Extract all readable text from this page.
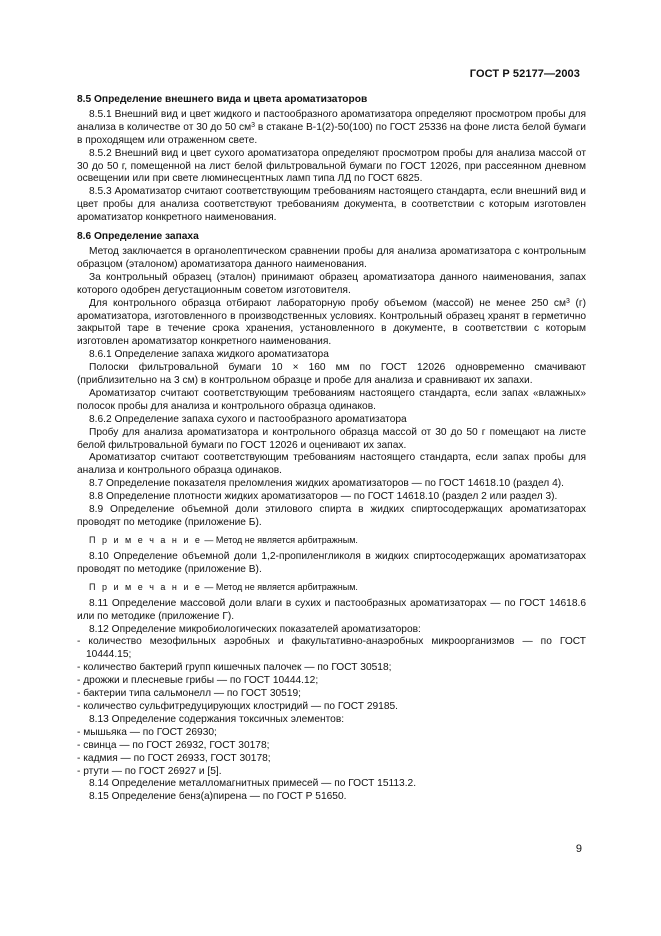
ГОСТ Р 52177—2003

8.5 Определение внешнего вида и цвета ароматизаторов

8.5.1 Внешний вид и цвет жидкого и пастообразного ароматизатора определяют просмотром пробы для анализа в количестве от 30 до 50 $см^3$ в стакане В-1(2)-50(100) по ГОСТ 25336 на фоне листа белой бумаги в проходящем или отраженном свете.

8.5.2 Внешний вид и цвет сухого ароматизатора определяют просмотром пробы для анализа массой от 30 до 50 г, помещенной на лист белой фильтровальной бумаги по ГОСТ 12026, при рассеянном дневном освещении или при свете люминесцентных ламп типа ЛД по ГОСТ 6825.

8.5.3 Ароматизатор считают соответствующим требованиям настоящего стандарта, если внешний вид и цвет пробы для анализа соответствуют требованиям документа, в соответствии с которым изготовлен ароматизатор конкретного наименования.

8.6 Определение запаха

Метод заключается в органолептическом сравнении пробы для анализа ароматизатора с контрольным образцом (эталоном) ароматизатора данного наименования.

За контрольный образец (эталон) принимают образец ароматизатора данного наименования, запах которого одобрен дегустационным советом изготовителя.

Для контрольного образца отбирают лабораторную пробу объемом (массой) не менее 250 $см^3$ (г) ароматизатора, изготовленного в производственных условиях. Контрольный образец хранят в герметично закрытой таре в течение срока хранения, установленного в документе, в соответствии с которым изготовлен ароматизатор конкретного наименования.

8.6.1 Определение запаха жидкого ароматизатора

Полоски фильтровальной бумаги 10 × 160 мм по ГОСТ 12026 одновременно смачивают (приблизительно на 3 см) в контрольном образце и пробе для анализа и сравнивают их запахи.

Ароматизатор считают соответствующим требованиям настоящего стандарта, если запах «влажных» полосок пробы для анализа и контрольного образца одинаков.

8.6.2 Определение запаха сухого и пастообразного ароматизатора

Пробу для анализа ароматизатора и контрольного образца массой от 30 до 50 г помещают на листе белой фильтровальной бумаги по ГОСТ 12026 и оценивают их запах.

Ароматизатор считают соответствующим требованиям настоящего стандарта, если запах пробы для анализа и контрольного образца одинаков.

8.7 Определение показателя преломления жидких ароматизаторов — по ГОСТ 14618.10 (раздел 4).

8.8 Определение плотности жидких ароматизаторов — по ГОСТ 14618.10 (раздел 2 или раздел 3).

8.9 Определение объемной доли этилового спирта в жидких спиртосодержащих ароматизаторах проводят по методике (приложение Б).

П р и м е ч а н и е — Метод не является арбитражным.

8.10 Определение объемной доли 1,2-пропиленгликоля в жидких спиртосодержащих ароматизаторах проводят по методике (приложение В).

П р и м е ч а н и е — Метод не является арбитражным.

8.11 Определение массовой доли влаги в сухих и пастообразных ароматизаторах — по ГОСТ 14618.6 или по методике (приложение Г).

8.12 Определение микробиологических показателей ароматизаторов:

- количество мезофильных аэробных и факультативно-анаэробных микроорганизмов — по ГОСТ 10444.15;

- количество бактерий групп кишечных палочек — по ГОСТ 30518;

- дрожжи и плесневые грибы — по ГОСТ 10444.12;

- бактерии типа сальмонелл — по ГОСТ 30519;

- количество сульфитредуцирующих клостридий — по ГОСТ 29185.

8.13 Определение содержания токсичных элементов:

- мышьяка — по ГОСТ 26930;

- свинца — по ГОСТ 26932, ГОСТ 30178;

- кадмия — по ГОСТ 26933, ГОСТ 30178;

- ртути — по ГОСТ 26927 и [5].

8.14 Определение металломагнитных примесей — по ГОСТ 15113.2.

8.15 Определение бенз(а)пирена — по ГОСТ Р 51650.

9
